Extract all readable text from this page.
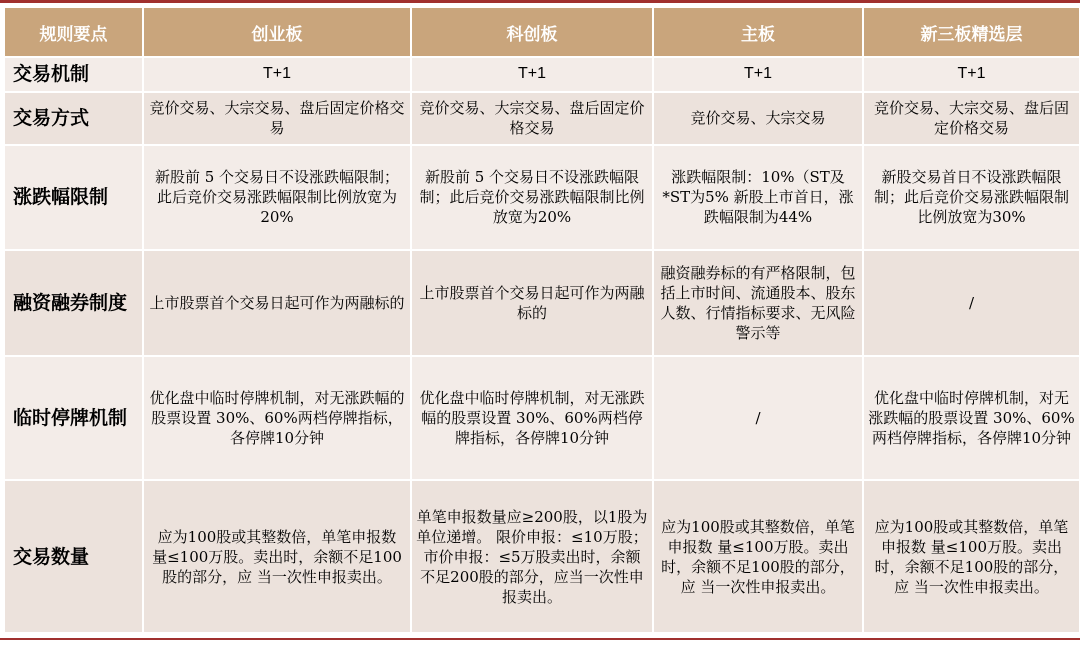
规则要点	创业板	科创板	主板	新三板精选层
交易机制	T+1	T+1	T+1	T+1
交易方式	竞价交易、大宗交易、盘后固定价格交易	竞价交易、大宗交易、盘后固定价格交易	竞价交易、大宗交易	竞价交易、大宗交易、盘后固定价格交易
涨跌幅限制	新股前 5 个交易日不设涨跌幅限制；此后竞价交易涨跌幅限制比例放宽为20%	新股前 5 个交易日不设涨跌幅限制；此后竞价交易涨跌幅限制比例放宽为20%	涨跌幅限制：10%（ST及*ST为5% 新股上市首日，涨跌幅限制为44%	新股交易首日不设涨跌幅限制；此后竞价交易涨跌幅限制比例放宽为30%
融资融券制度	上市股票首个交易日起可作为两融标的	上市股票首个交易日起可作为两融标的	融资融券标的有严格限制，包括上市时间、流通股本、股东人数、行情指标要求、无风险警示等	/
临时停牌机制	优化盘中临时停牌机制，对无涨跌幅的股票设置 30%、60%两档停牌指标，各停牌10分钟	优化盘中临时停牌机制，对无涨跌幅的股票设置 30%、60%两档停牌指标，各停牌10分钟	/	优化盘中临时停牌机制，对无涨跌幅的股票设置 30%、60%两档停牌指标，各停牌10分钟
交易数量	应为100股或其整数倍，单笔申报数 量≤100万股。卖出时，余额不足100股的部分，应 当一次性申报卖出。	单笔申报数量应≥200股，以1股为单位递增。 限价申报：≤10万股；市价申报：≤5万股卖出时，余额不足200股的部分，应当一次性申报卖出。	应为100股或其整数倍，单笔申报数 量≤100万股。卖出时，余额不足100股的部分，应 当一次性申报卖出。	应为100股或其整数倍，单笔申报数 量≤100万股。卖出时，余额不足100股的部分，应 当一次性申报卖出。
